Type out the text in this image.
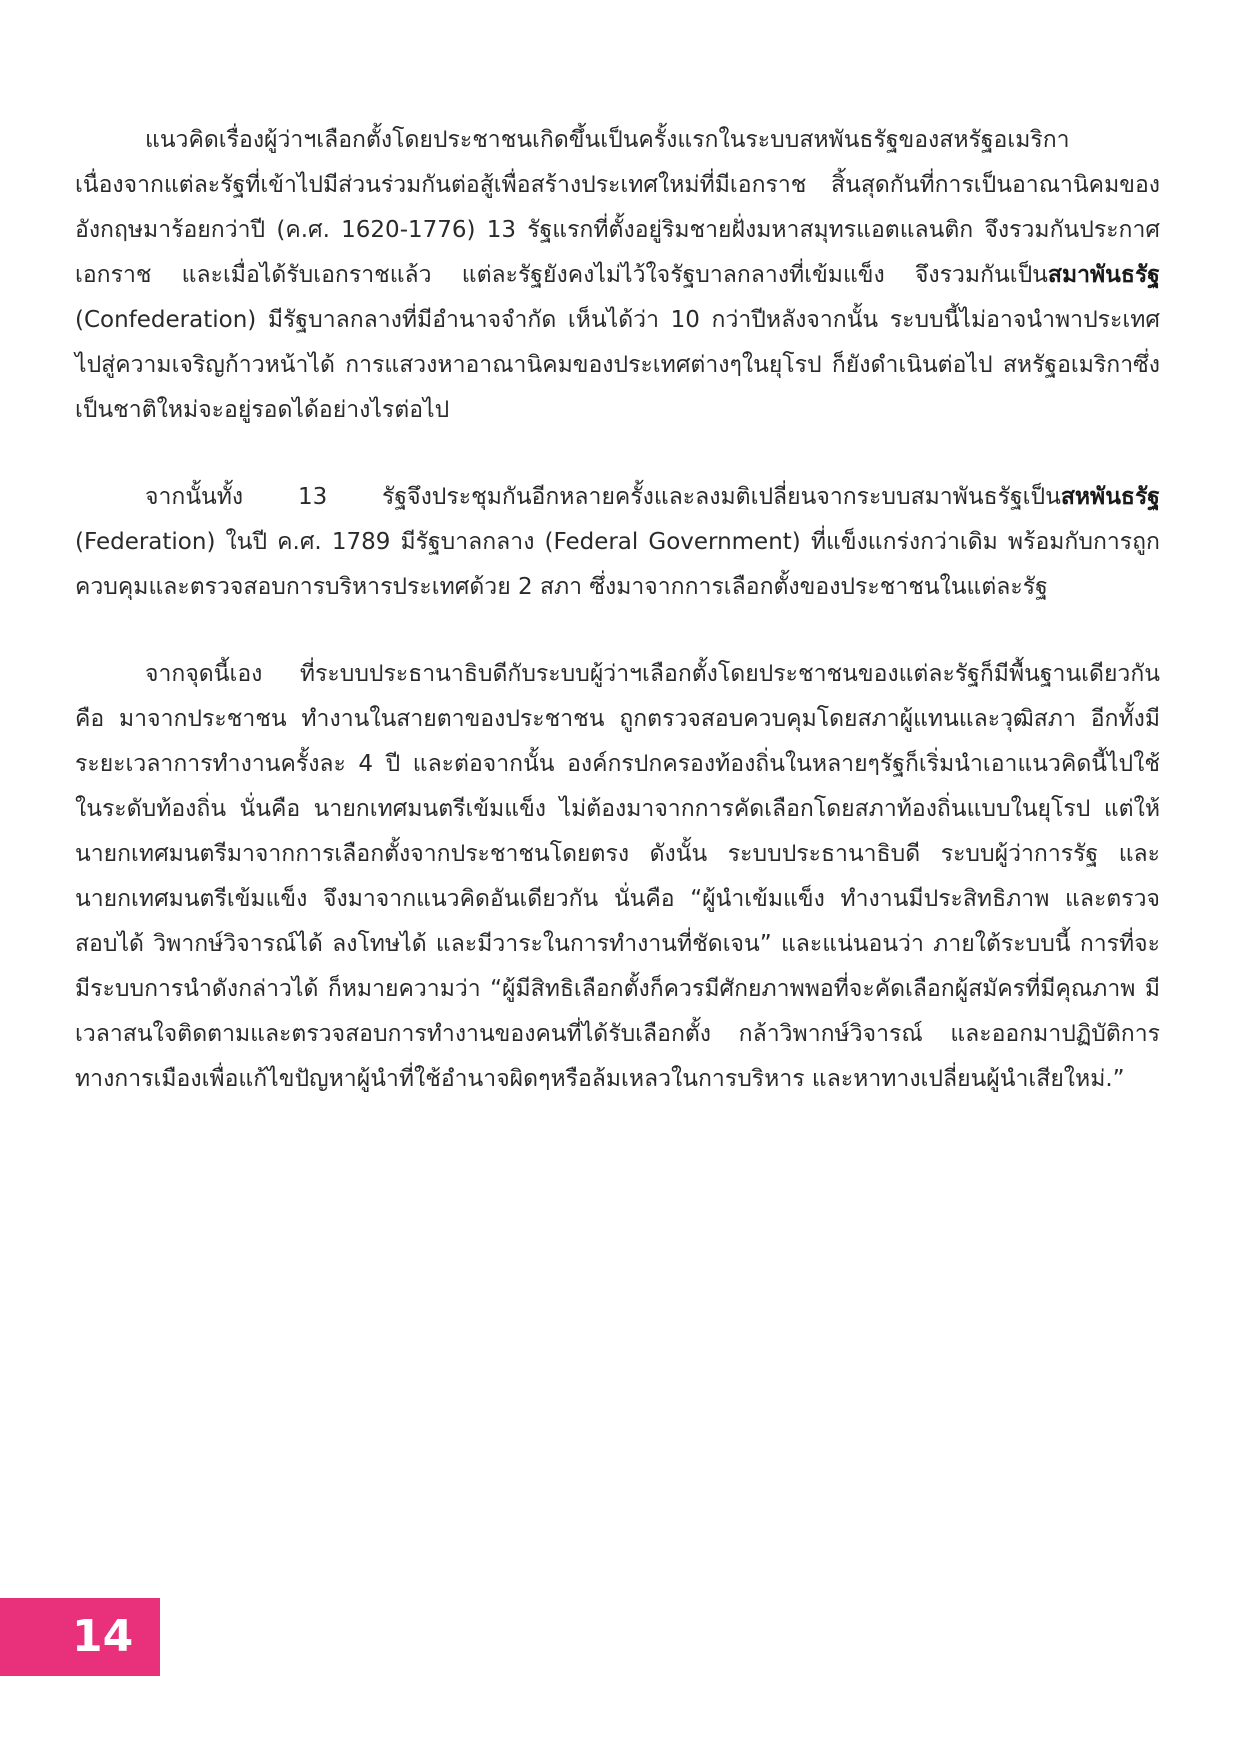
แนวคิดเรื่องผู้ว่าฯเลือกตั้งโดยประชาชนเกิดขึ้นเป็นครั้งแรกในระบบสหพันธรัฐของสหรัฐอเมริกา เนื่องจากแต่ละรัฐที่เข้าไปมีส่วนร่วมกันต่อสู้เพื่อสร้างประเทศใหม่ที่มีเอกราช สิ้นสุดกันที่การเป็นอาณานิคมของอังกฤษมาร้อยกว่าปี (ค.ศ. 1620-1776) 13 รัฐแรกที่ตั้งอยู่ริมชายฝั่งมหาสมุทรแอตแลนติก จึงรวมกันประกาศเอกราช และเมื่อได้รับเอกราชแล้ว แต่ละรัฐยังคงไม่ไว้ใจรัฐบาลกลางที่เข้มแข็ง จึงรวมกันเป็นสมาพันธรัฐ (Confederation) มีรัฐบาลกลางที่มีอำนาจจำกัด เห็นได้ว่า 10 กว่าปีหลังจากนั้น ระบบนี้ไม่อาจนำพาประเทศไปสู่ความเจริญก้าวหน้าได้ การแสวงหาอาณานิคมของประเทศต่างๆในยุโรป ก็ยังดำเนินต่อไป สหรัฐอเมริกาซึ่งเป็นชาติใหม่จะอยู่รอดได้อย่างไรต่อไป

จากนั้นทั้ง 13 รัฐจึงประชุมกันอีกหลายครั้งและลงมติเปลี่ยนจากระบบสมาพันธรัฐเป็นสหพันธรัฐ (Federation) ในปี ค.ศ. 1789 มีรัฐบาลกลาง (Federal Government) ที่แข็งแกร่งกว่าเดิม พร้อมกับการถูกควบคุมและตรวจสอบการบริหารประเทศด้วย 2 สภา ซึ่งมาจากการเลือกตั้งของประชาชนในแต่ละรัฐ

จากจุดนี้เอง ที่ระบบประธานาธิบดีกับระบบผู้ว่าฯเลือกตั้งโดยประชาชนของแต่ละรัฐก็มีพื้นฐานเดียวกัน คือ มาจากประชาชน ทำงานในสายตาของประชาชน ถูกตรวจสอบควบคุมโดยสภาผู้แทนและวุฒิสภา อีกทั้งมีระยะเวลาการทำงานครั้งละ 4 ปี และต่อจากนั้น องค์กรปกครองท้องถิ่นในหลายๆรัฐก็เริ่มนำเอาแนวคิดนี้ไปใช้ในระดับท้องถิ่น นั่นคือ นายกเทศมนตรีเข้มแข็ง ไม่ต้องมาจากการคัดเลือกโดยสภาท้องถิ่นแบบในยุโรป แต่ให้นายกเทศมนตรีมาจากการเลือกตั้งจากประชาชนโดยตรง ดังนั้น ระบบประธานาธิบดี ระบบผู้ว่าการรัฐ และนายกเทศมนตรีเข้มแข็ง จึงมาจากแนวคิดอันเดียวกัน นั่นคือ “ผู้นำเข้มแข็ง ทำงานมีประสิทธิภาพ และตรวจสอบได้ วิพากษ์วิจารณ์ได้ ลงโทษได้ และมีวาระในการทำงานที่ชัดเจน” และแน่นอนว่า ภายใต้ระบบนี้ การที่จะมีระบบการนำดังกล่าวได้ ก็หมายความว่า “ผู้มีสิทธิเลือกตั้งก็ควรมีศักยภาพพอที่จะคัดเลือกผู้สมัครที่มีคุณภาพ มีเวลาสนใจติดตามและตรวจสอบการทำงานของคนที่ได้รับเลือกตั้ง กล้าวิพากษ์วิจารณ์ และออกมาปฏิบัติการทางการเมืองเพื่อแก้ไขปัญหาผู้นำที่ใช้อำนาจผิดๆหรือล้มเหลวในการบริหาร และหาทางเปลี่ยนผู้นำเสียใหม่.”

14
